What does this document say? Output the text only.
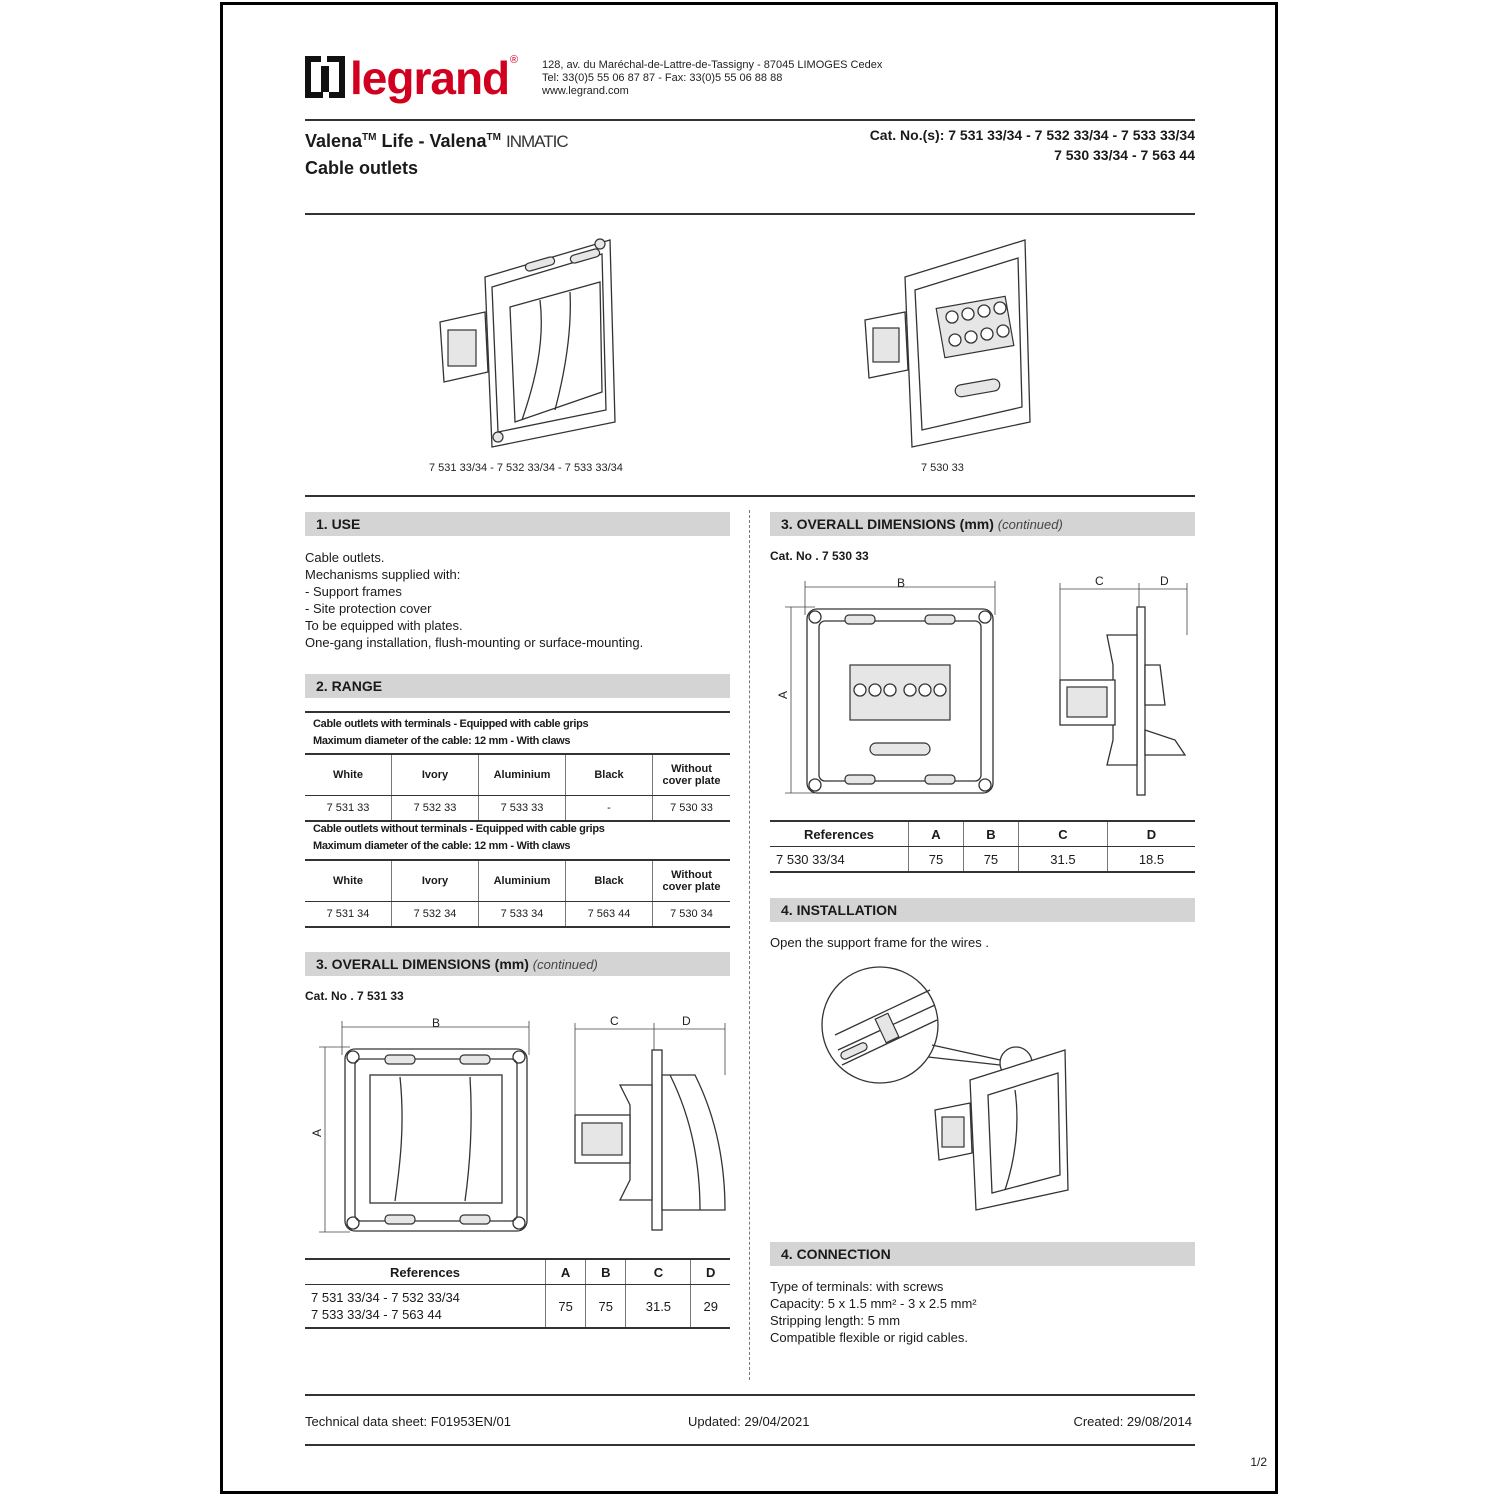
legrand ® 128, av. du Maréchal-de-Lattre-de-Tassigny - 87045 LIMOGES Cedex
Tel: 33(0)5 55 06 87 87 - Fax: 33(0)5 55 06 88 88
www.legrand.com
Valena™ Life - Valena™ INMATIC
Cable outlets
Cat. No.(s): 7 531 33/34 - 7 532 33/34 - 7 533 33/34
7 530 33/34 - 7 563 44
7 531 33/34 - 7 532 33/34 - 7 533 33/34	7 530 33
1. USE
Cable outlets.
Mechanisms supplied with:
- Support frames
- Site protection cover
To be equipped with plates.
One-gang installation, flush-mounting or surface-mounting.
2. RANGE
Cable outlets with terminals - Equipped with cable grips
Maximum diameter of the cable: 12 mm - With claws
White	Ivory	Aluminium	Black	Without
cover plate

7 531 33	7 532 33	7 533 33	-	7 530 33
Cable outlets without terminals - Equipped with cable grips
Maximum diameter of the cable: 12 mm - With claws
White	Ivory	Aluminium	Black	Without
cover plate

7 531 34	7 532 34	7 533 34	7 563 44	7 530 34
3. OVERALL DIMENSIONS (mm) (continued)
Cat. No . 7 531 33
B
A
C	D
References	A	B	C	D

7 531 33/34 - 7 532 33/34
7 533 33/34 - 7 563 44	75	75	31.5	29
3. OVERALL DIMENSIONS (mm) (continued)
Cat. No . 7 530 33
B
A
C	D
References	A	B	C	D
7 530 33/34	75	75	31.5	18.5
4. INSTALLATION
Open the support frame for the wires .
4. CONNECTION
Type of terminals: with screws
Capacity: 5 x 1.5 mm² - 3 x 2.5 mm²
Stripping length: 5 mm
Compatible flexible or rigid cables.
Technical data sheet: F01953EN/01	Updated: 29/04/2021	Created: 29/08/2014
1/2
